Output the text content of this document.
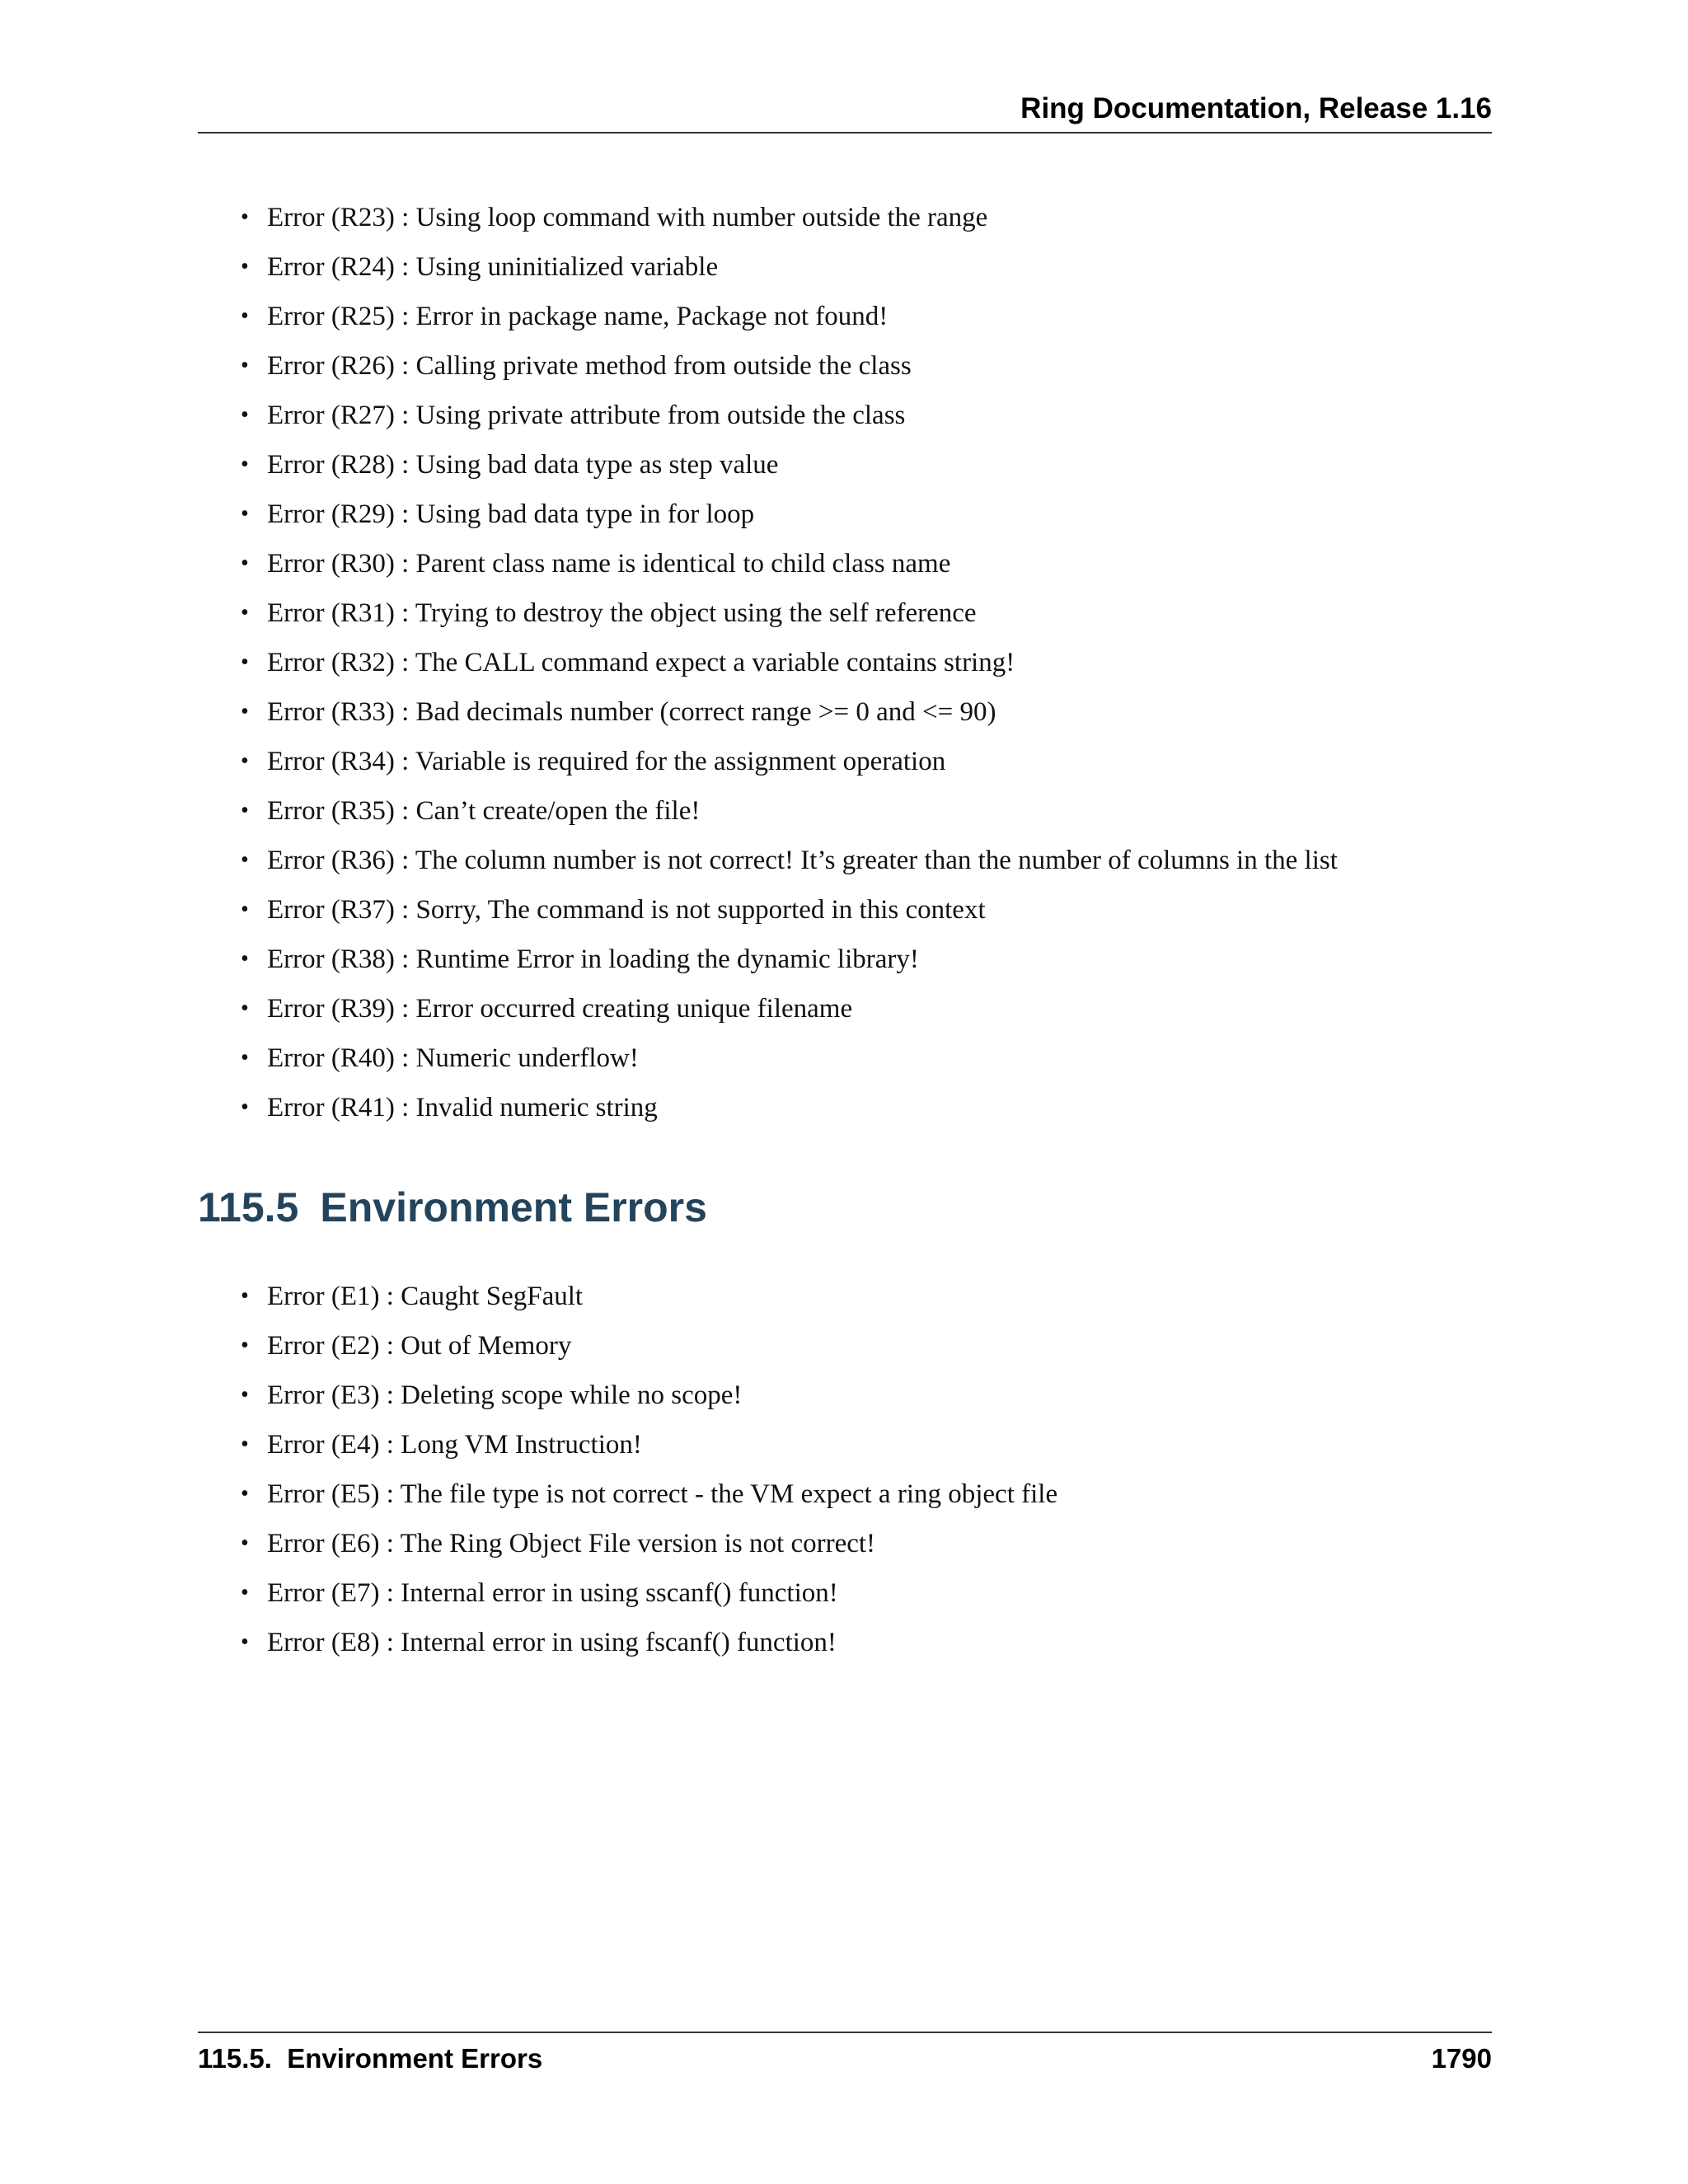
Ring Documentation, Release 1.16
• Error (R23) : Using loop command with number outside the range
• Error (R24) : Using uninitialized variable
• Error (R25) : Error in package name, Package not found!
• Error (R26) : Calling private method from outside the class
• Error (R27) : Using private attribute from outside the class
• Error (R28) : Using bad data type as step value
• Error (R29) : Using bad data type in for loop
• Error (R30) : Parent class name is identical to child class name
• Error (R31) : Trying to destroy the object using the self reference
• Error (R32) : The CALL command expect a variable contains string!
• Error (R33) : Bad decimals number (correct range >= 0 and <= 90)
• Error (R34) : Variable is required for the assignment operation
• Error (R35) : Can’t create/open the file!
• Error (R36) : The column number is not correct! It’s greater than the number of columns in the list
• Error (R37) : Sorry, The command is not supported in this context
• Error (R38) : Runtime Error in loading the dynamic library!
• Error (R39) : Error occurred creating unique filename
• Error (R40) : Numeric underflow!
• Error (R41) : Invalid numeric string
115.5 Environment Errors
• Error (E1) : Caught SegFault
• Error (E2) : Out of Memory
• Error (E3) : Deleting scope while no scope!
• Error (E4) : Long VM Instruction!
• Error (E5) : The file type is not correct - the VM expect a ring object file
• Error (E6) : The Ring Object File version is not correct!
• Error (E7) : Internal error in using sscanf() function!
• Error (E8) : Internal error in using fscanf() function!
115.5.  Environment Errors	1790
